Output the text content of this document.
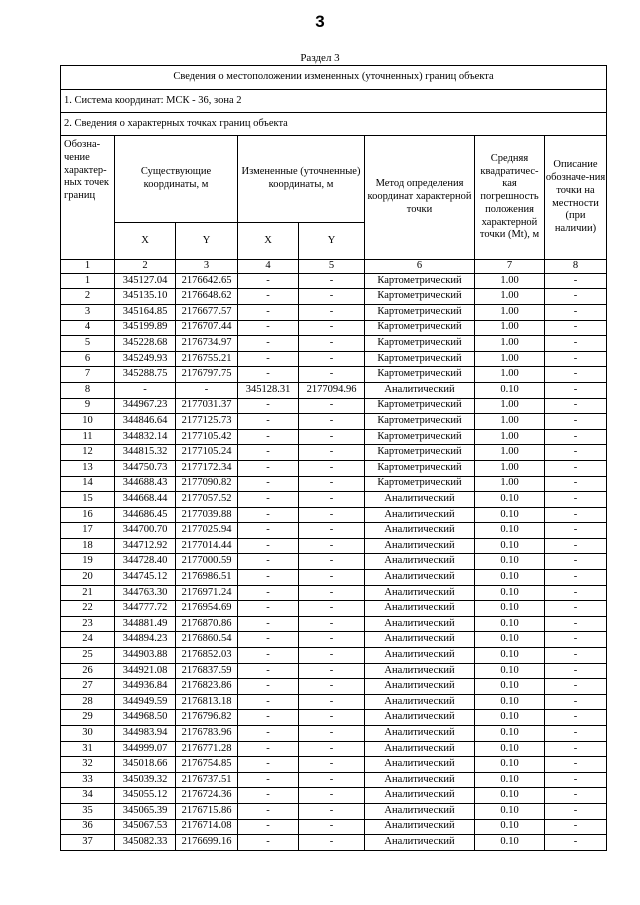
3
Раздел 3
Сведения о местоположении измененных (уточненных) границ объекта							
1. Система координат: МСК - 36, зона 2							
2. Сведения о характерных точках границ объекта							
Обозна-чение характер-ных точек границ	Существующие координаты, м		Измененные (уточненные) координаты, м		Метод определения координат характерной точки	Средняя квадратичес-кая погрешность положения характерной точки (Mt), м	Описание обозначе-ния точки на местности (при наличии)
	X	Y	X	Y			
1	2	3	4	5	6	7	8
1	345127.04	2176642.65	-	-	Картометрический	1.00	-
2	345135.10	2176648.62	-	-	Картометрический	1.00	-
3	345164.85	2176677.57	-	-	Картометрический	1.00	-
4	345199.89	2176707.44	-	-	Картометрический	1.00	-
5	345228.68	2176734.97	-	-	Картометрический	1.00	-
6	345249.93	2176755.21	-	-	Картометрический	1.00	-
7	345288.75	2176797.75	-	-	Картометрический	1.00	-
8	-	-	345128.31	2177094.96	Аналитический	0.10	-
9	344967.23	2177031.37	-	-	Картометрический	1.00	-
10	344846.64	2177125.73	-	-	Картометрический	1.00	-
11	344832.14	2177105.42	-	-	Картометрический	1.00	-
12	344815.32	2177105.24	-	-	Картометрический	1.00	-
13	344750.73	2177172.34	-	-	Картометрический	1.00	-
14	344688.43	2177090.82	-	-	Картометрический	1.00	-
15	344668.44	2177057.52	-	-	Аналитический	0.10	-
16	344686.45	2177039.88	-	-	Аналитический	0.10	-
17	344700.70	2177025.94	-	-	Аналитический	0.10	-
18	344712.92	2177014.44	-	-	Аналитический	0.10	-
19	344728.40	2177000.59	-	-	Аналитический	0.10	-
20	344745.12	2176986.51	-	-	Аналитический	0.10	-
21	344763.30	2176971.24	-	-	Аналитический	0.10	-
22	344777.72	2176954.69	-	-	Аналитический	0.10	-
23	344881.49	2176870.86	-	-	Аналитический	0.10	-
24	344894.23	2176860.54	-	-	Аналитический	0.10	-
25	344903.88	2176852.03	-	-	Аналитический	0.10	-
26	344921.08	2176837.59	-	-	Аналитический	0.10	-
27	344936.84	2176823.86	-	-	Аналитический	0.10	-
28	344949.59	2176813.18	-	-	Аналитический	0.10	-
29	344968.50	2176796.82	-	-	Аналитический	0.10	-
30	344983.94	2176783.96	-	-	Аналитический	0.10	-
31	344999.07	2176771.28	-	-	Аналитический	0.10	-
32	345018.66	2176754.85	-	-	Аналитический	0.10	-
33	345039.32	2176737.51	-	-	Аналитический	0.10	-
34	345055.12	2176724.36	-	-	Аналитический	0.10	-
35	345065.39	2176715.86	-	-	Аналитический	0.10	-
36	345067.53	2176714.08	-	-	Аналитический	0.10	-
37	345082.33	2176699.16	-	-	Аналитический	0.10	-
